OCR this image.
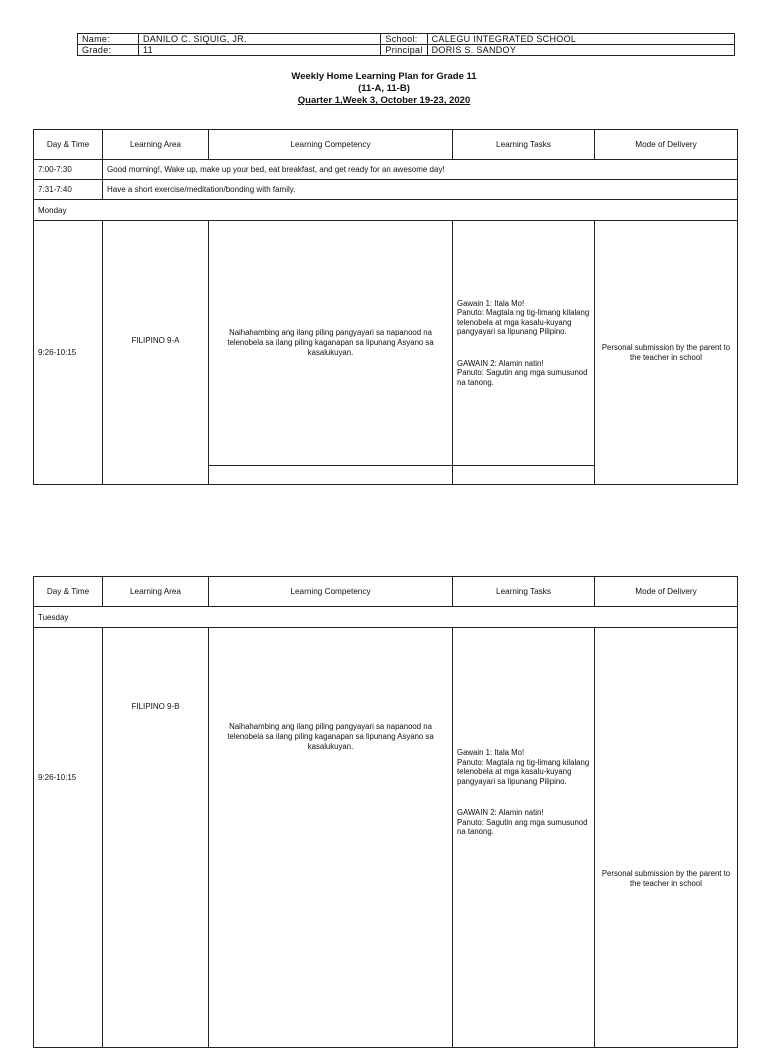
Name:	DANILO C. SIQUIG, JR.	School:	CALEGU INTEGRATED SCHOOL
Grade:	11	Principal	DORIS S. SANDOY
Weekly Home Learning Plan for Grade 11
(11-A, 11-B)
Quarter 1,Week 3, October 19-23, 2020
Day & Time	Learning Area	Learning Competency	Learning Tasks	Mode of Delivery
7:00-7:30	Good morning!, Wake up, make up your bed, eat breakfast, and get ready for an awesome day!			
7:31-7:40	Have a short exercise/meditation/bonding with family.			
Monday				
9:26-10:15	FILIPINO 9-A	Naihahambing ang ilang piling pangyayari sa napanood na telenobela sa ilang piling kaganapan sa lipunang Asyano sa kasalukuyan.	Gawain 1: Itala Mo!
Panuto: Magtala ng tig-limang kilalang telenobela at mga kasalu-kuyang pangyayari sa lipunang Pilipino.
GAWAIN 2: Alamin natin!
Panuto: Sagutin ang mga sumusunod na tanong.	Personal submission by the parent to the teacher in school

Day & Time	Learning Area	Learning Competency	Learning Tasks	Mode of Delivery
Tuesday				
9:26-10:15	FILIPINO 9-B	Naihahambing ang ilang piling pangyayari sa napanood na telenobela sa ilang piling kaganapan sa lipunang Asyano sa kasalukuyan.	Gawain 1: Itala Mo!
Panuto: Magtala ng tig-limang kilalang telenobela at mga kasalu-kuyang pangyayari sa lipunang Pilipino.
GAWAIN 2: Alamin natin!
Panuto: Sagutin ang mga sumusunod na tanong.	Personal submission by the parent to the teacher in school
